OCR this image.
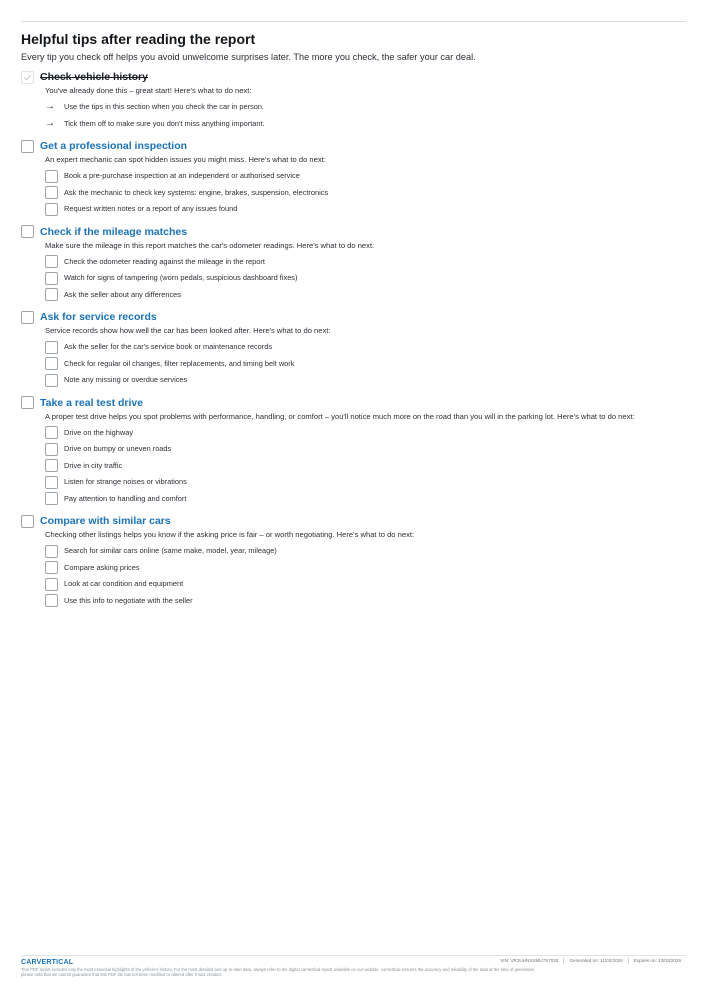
Helpful tips after reading the report
Every tip you check off helps you avoid unwelcome surprises later. The more you check, the safer your car deal.
Check vehicle history
You've already done this – great start! Here's what to do next:
→	Use the tips in this section when you check the car in person.
→	Tick them off to make sure you don't miss anything important.
Get a professional inspection
An expert mechanic can spot hidden issues you might miss. Here's what to do next:
Book a pre-purchase inspection at an independent or authorised service
Ask the mechanic to check key systems: engine, brakes, suspension, electronics
Request written notes or a report of any issues found
Check if the mileage matches
Make sure the mileage in this report matches the car's odometer readings. Here's what to do next:
Check the odometer reading against the mileage in the report
Watch for signs of tampering (worn pedals, suspicious dashboard fixes)
Ask the seller about any differences
Ask for service records
Service records show how well the car has been looked after. Here's what to do next:
Ask the seller for the car's service book or maintenance records
Check for regular oil changes, filter replacements, and timing belt work
Note any missing or overdue services
Take a real test drive
A proper test drive helps you spot problems with performance, handling, or comfort – you'll notice much more on the road than you will in the parking lot. Here's what to do next:
Drive on the highway
Drive on bumpy or uneven roads
Drive in city traffic
Listen for strange noises or vibrations
Pay attention to handling and comfort
Compare with similar cars
Checking other listings helps you know if the asking price is fair – or worth negotiating. Here's what to do next:
Search for similar cars online (same make, model, year, mileage)
Compare asking prices
Look at car condition and equipment
Use this info to negotiate with the seller
CARVERTICAL	VIN: VR3UHNSSMU7S7033	Generated on: 11/02/2026	Expires on: 13/03/2026
This PDF report includes only the most essential highlights of the vehicle's history. For the most detailed and up-to-date data, always refer to the digital carVertical report available on our website. carVertical ensures the accuracy and reliability of the data at the time of generation, please note that we cannot guarantee that this PDF file has not been modified or altered after it was created.
